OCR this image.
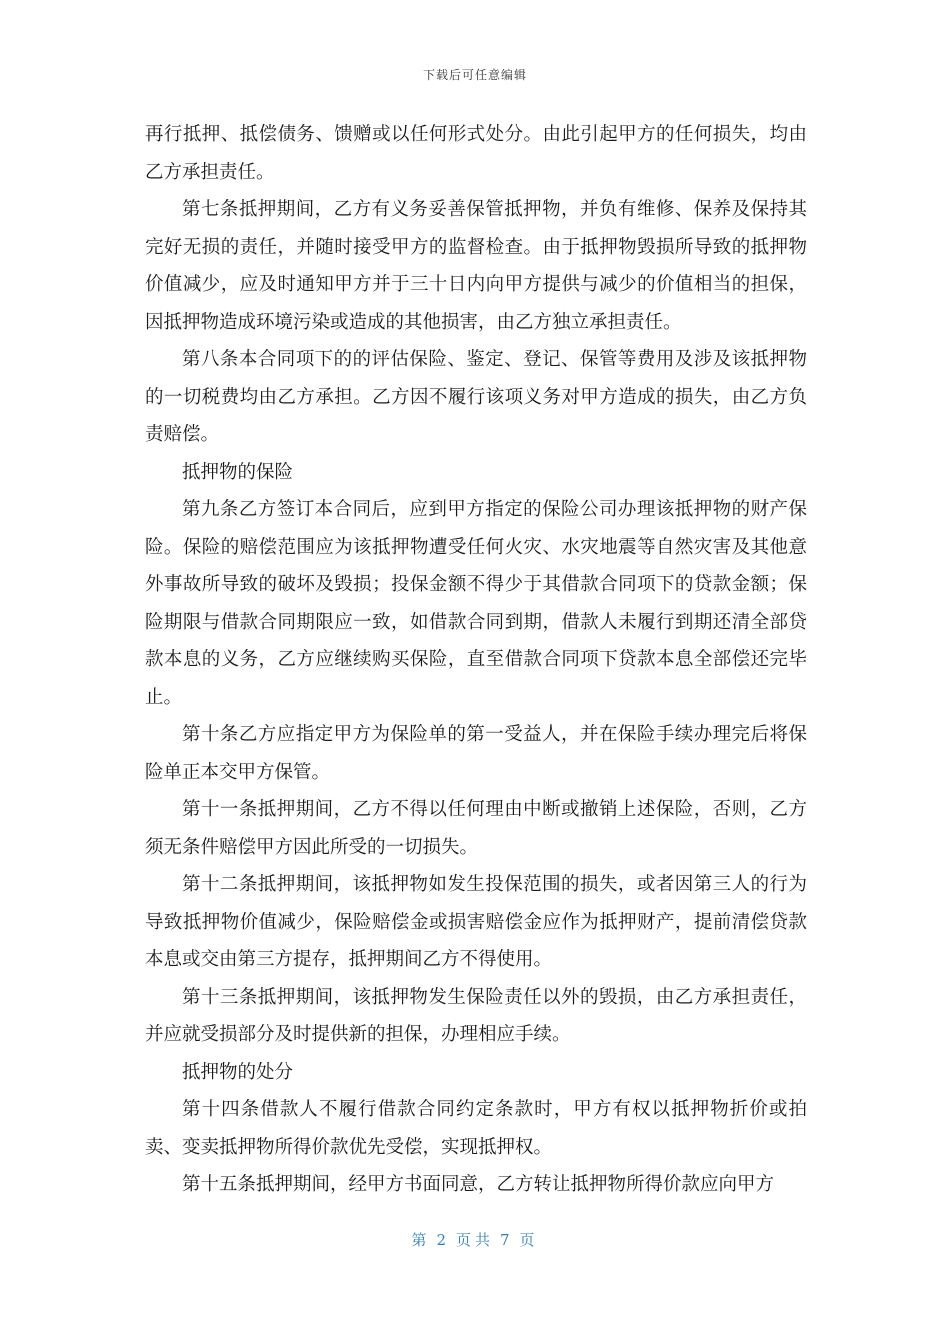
下载后可任意编辑

再行抵押、抵偿债务、馈赠或以任何形式处分。由此引起甲方的任何损失，均由乙方承担责任。

第七条抵押期间，乙方有义务妥善保管抵押物，并负有维修、保养及保持其完好无损的责任，并随时接受甲方的监督检查。由于抵押物毁损所导致的抵押物价值减少，应及时通知甲方并于三十日内向甲方提供与减少的价值相当的担保，因抵押物造成环境污染或造成的其他损害，由乙方独立承担责任。

第八条本合同项下的的评估保险、鉴定、登记、保管等费用及涉及该抵押物的一切税费均由乙方承担。乙方因不履行该项义务对甲方造成的损失，由乙方负责赔偿。

抵押物的保险

第九条乙方签订本合同后，应到甲方指定的保险公司办理该抵押物的财产保险。保险的赔偿范围应为该抵押物遭受任何火灾、水灾地震等自然灾害及其他意外事故所导致的破坏及毁损；投保金额不得少于其借款合同项下的贷款金额；保险期限与借款合同期限应一致，如借款合同到期，借款人未履行到期还清全部贷款本息的义务，乙方应继续购买保险，直至借款合同项下贷款本息全部偿还完毕止。

第十条乙方应指定甲方为保险单的第一受益人，并在保险手续办理完后将保险单正本交甲方保管。

第十一条抵押期间，乙方不得以任何理由中断或撤销上述保险，否则，乙方须无条件赔偿甲方因此所受的一切损失。

第十二条抵押期间，该抵押物如发生投保范围的损失，或者因第三人的行为导致抵押物价值减少，保险赔偿金或损害赔偿金应作为抵押财产，提前清偿贷款本息或交由第三方提存，抵押期间乙方不得使用。

第十三条抵押期间，该抵押物发生保险责任以外的毁损，由乙方承担责任，并应就受损部分及时提供新的担保，办理相应手续。

抵押物的处分

第十四条借款人不履行借款合同约定条款时，甲方有权以抵押物折价或拍卖、变卖抵押物所得价款优先受偿，实现抵押权。

第十五条抵押期间，经甲方书面同意，乙方转让抵押物所得价款应向甲方

第 2 页共 7 页
